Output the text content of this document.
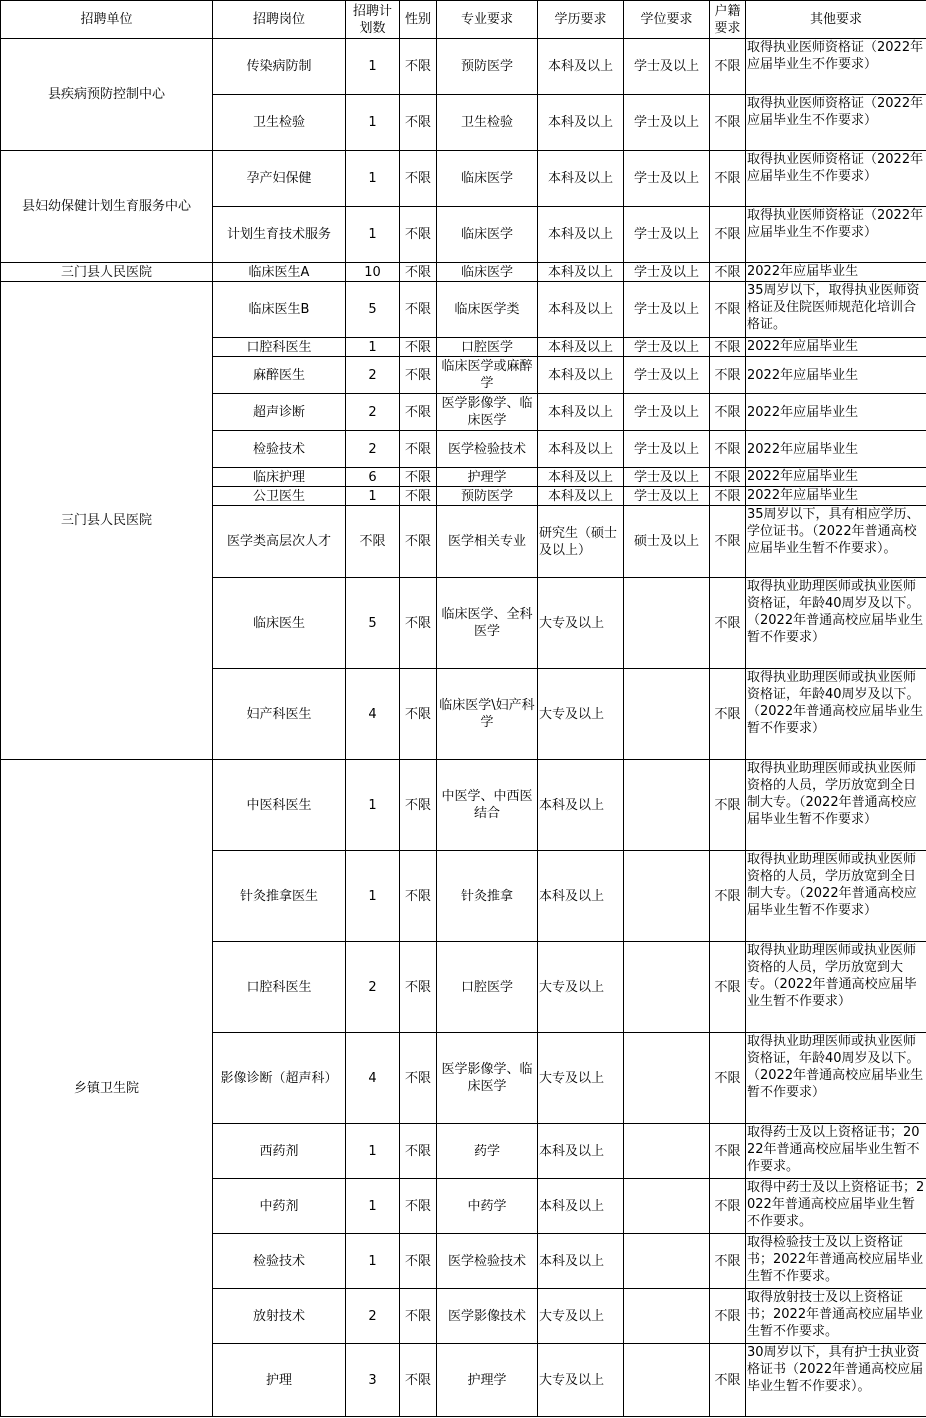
招聘单位	招聘岗位	招聘计划数	性别	专业要求	学历要求	学位要求	户籍要求	其他要求
县疾病预防控制中心	传染病防制	1	不限	预防医学	本科及以上	学士及以上	不限	取得执业医师资格证（2022年应届毕业生不作要求）
	卫生检验	1	不限	卫生检验	本科及以上	学士及以上	不限	取得执业医师资格证（2022年应届毕业生不作要求）
县妇幼保健计划生育服务中心	孕产妇保健	1	不限	临床医学	本科及以上	学士及以上	不限	取得执业医师资格证（2022年应届毕业生不作要求）
	计划生育技术服务	1	不限	临床医学	本科及以上	学士及以上	不限	取得执业医师资格证（2022年应届毕业生不作要求）
三门县人民医院	临床医生A	10	不限	临床医学	本科及以上	学士及以上	不限	2022年应届毕业生
三门县人民医院	临床医生B	5	不限	临床医学类	本科及以上	学士及以上	不限	35周岁以下，取得执业医师资格证及住院医师规范化培训合格证。
	口腔科医生	1	不限	口腔医学	本科及以上	学士及以上	不限	2022年应届毕业生
	麻醉医生	2	不限	临床医学或麻醉学	本科及以上	学士及以上	不限	2022年应届毕业生
	超声诊断	2	不限	医学影像学、临床医学	本科及以上	学士及以上	不限	2022年应届毕业生
	检验技术	2	不限	医学检验技术	本科及以上	学士及以上	不限	2022年应届毕业生
	临床护理	6	不限	护理学	本科及以上	学士及以上	不限	2022年应届毕业生
	公卫医生	1	不限	预防医学	本科及以上	学士及以上	不限	2022年应届毕业生
	医学类高层次人才	不限	不限	医学相关专业	研究生（硕士及以上）	硕士及以上	不限	35周岁以下，具有相应学历、学位证书。（2022年普通高校应届毕业生暂不作要求）。
	临床医生	5	不限	临床医学、全科医学	大专及以上		不限	取得执业助理医师或执业医师资格证，年龄40周岁及以下。（2022年普通高校应届毕业生暂不作要求）
	妇产科医生	4	不限	临床医学\妇产科学	大专及以上		不限	取得执业助理医师或执业医师资格证，年龄40周岁及以下。（2022年普通高校应届毕业生暂不作要求）
乡镇卫生院	中医科医生	1	不限	中医学、中西医结合	本科及以上		不限	取得执业助理医师或执业医师资格的人员，学历放宽到全日制大专。（2022年普通高校应届毕业生暂不作要求）
	针灸推拿医生	1	不限	针灸推拿	本科及以上		不限	取得执业助理医师或执业医师资格的人员，学历放宽到全日制大专。（2022年普通高校应届毕业生暂不作要求）
	口腔科医生	2	不限	口腔医学	大专及以上		不限	取得执业助理医师或执业医师资格的人员，学历放宽到大专。（2022年普通高校应届毕业生暂不作要求）
	影像诊断（超声科）	4	不限	医学影像学、临床医学	大专及以上		不限	取得执业助理医师或执业医师资格证，年龄40周岁及以下。（2022年普通高校应届毕业生暂不作要求）
	西药剂	1	不限	药学	本科及以上		不限	取得药士及以上资格证书；2022年普通高校应届毕业生暂不作要求。
	中药剂	1	不限	中药学	本科及以上		不限	取得中药士及以上资格证书；2022年普通高校应届毕业生暂不作要求。
	检验技术	1	不限	医学检验技术	本科及以上		不限	取得检验技士及以上资格证书；2022年普通高校应届毕业生暂不作要求。
	放射技术	2	不限	医学影像技术	大专及以上		不限	取得放射技士及以上资格证书；2022年普通高校应届毕业生暂不作要求。
	护理	3	不限	护理学	大专及以上		不限	30周岁以下，具有护士执业资格证书（2022年普通高校应届毕业生暂不作要求）。
